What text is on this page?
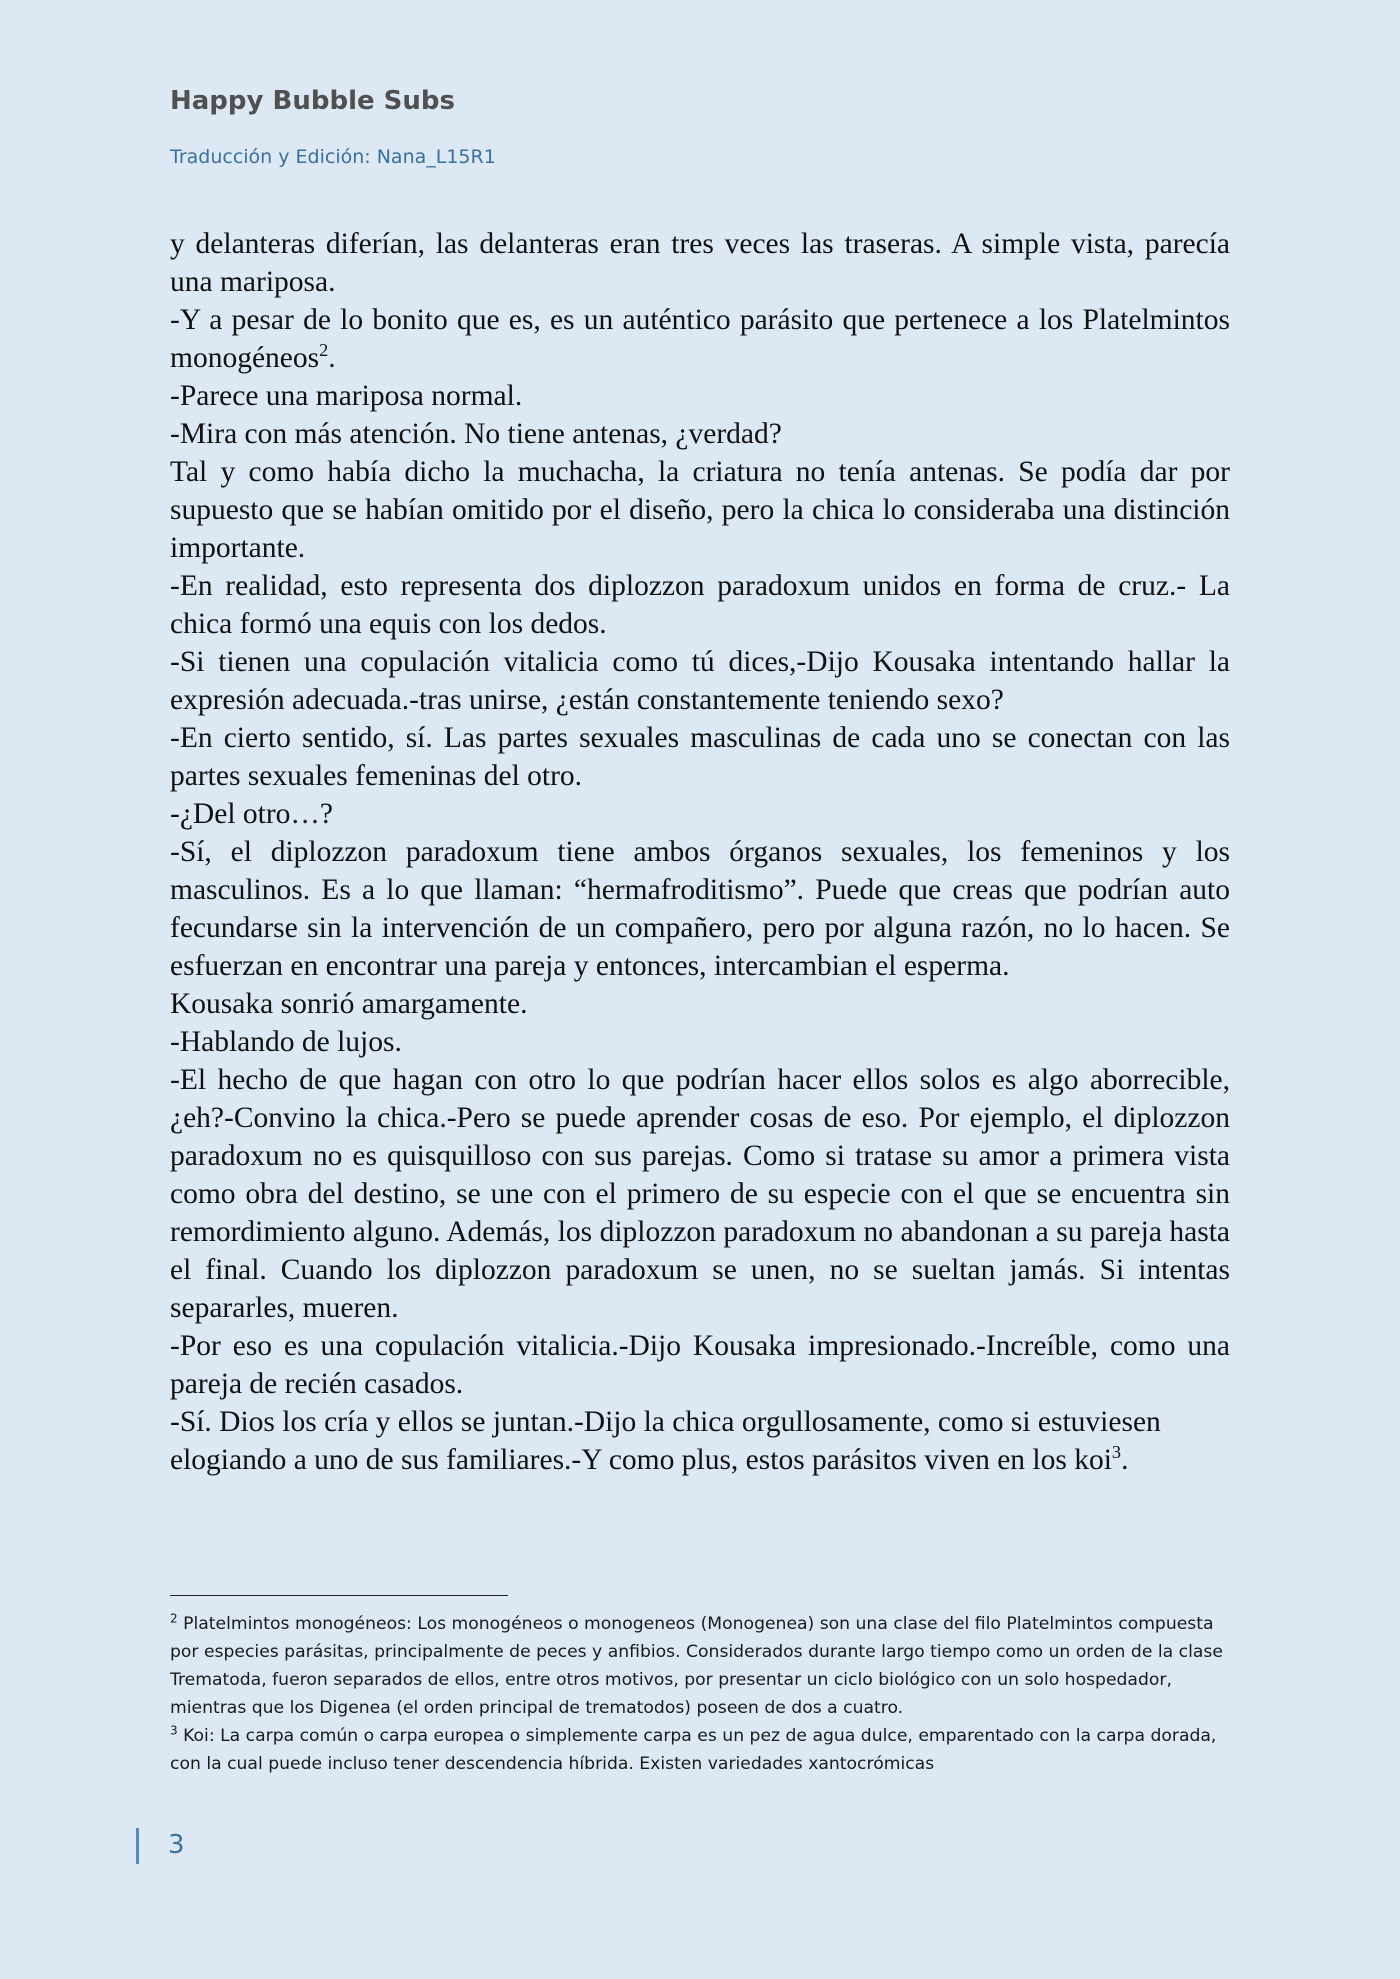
Happy Bubble Subs
Traducción y Edición: Nana_L15R1

y delanteras diferían, las delanteras eran tres veces las traseras. A simple vista, parecía una mariposa.

-Y a pesar de lo bonito que es, es un auténtico parásito que pertenece a los Platelmintos monogéneos$^2$.

-Parece una mariposa normal.

-Mira con más atención. No tiene antenas, ¿verdad?

Tal y como había dicho la muchacha, la criatura no tenía antenas. Se podía dar por supuesto que se habían omitido por el diseño, pero la chica lo consideraba una distinción importante.

-En realidad, esto representa dos diplozzon paradoxum unidos en forma de cruz.- La chica formó una equis con los dedos.

-Si tienen una copulación vitalicia como tú dices,-Dijo Kousaka intentando hallar la expresión adecuada.-tras unirse, ¿están constantemente teniendo sexo?

-En cierto sentido, sí. Las partes sexuales masculinas de cada uno se conectan con las partes sexuales femeninas del otro.

-¿Del otro…?

-Sí, el diplozzon paradoxum tiene ambos órganos sexuales, los femeninos y los masculinos. Es a lo que llaman: “hermafroditismo”. Puede que creas que podrían auto fecundarse sin la intervención de un compañero, pero por alguna razón, no lo hacen. Se esfuerzan en encontrar una pareja y entonces, intercambian el esperma.

Kousaka sonrió amargamente.

-Hablando de lujos.

-El hecho de que hagan con otro lo que podrían hacer ellos solos es algo aborrecible, ¿eh?-Convino la chica.-Pero se puede aprender cosas de eso. Por ejemplo, el diplozzon paradoxum no es quisquilloso con sus parejas. Como si tratase su amor a primera vista como obra del destino, se une con el primero de su especie con el que se encuentra sin remordimiento alguno. Además, los diplozzon paradoxum no abandonan a su pareja hasta el final. Cuando los diplozzon paradoxum se unen, no se sueltan jamás. Si intentas separarles, mueren.

-Por eso es una copulación vitalicia.-Dijo Kousaka impresionado.-Increíble, como una pareja de recién casados.

-Sí. Dios los cría y ellos se juntan.-Dijo la chica orgullosamente, como si estuviesen elogiando a uno de sus familiares.-Y como plus, estos parásitos viven en los koi$^3$.

$^2$ Platelmintos monogéneos: Los monogéneos o monogeneos (Monogenea) son una clase del filo Platelmintos compuesta por especies parásitas, principalmente de peces y anfibios. Considerados durante largo tiempo como un orden de la clase Trematoda, fueron separados de ellos, entre otros motivos, por presentar un ciclo biológico con un solo hospedador, mientras que los Digenea (el orden principal de trematodos) poseen de dos a cuatro.

$^3$ Koi: La carpa común o carpa europea o simplemente carpa es un pez de agua dulce, emparentado con la carpa dorada, con la cual puede incluso tener descendencia híbrida. Existen variedades xantocrómicas

3
